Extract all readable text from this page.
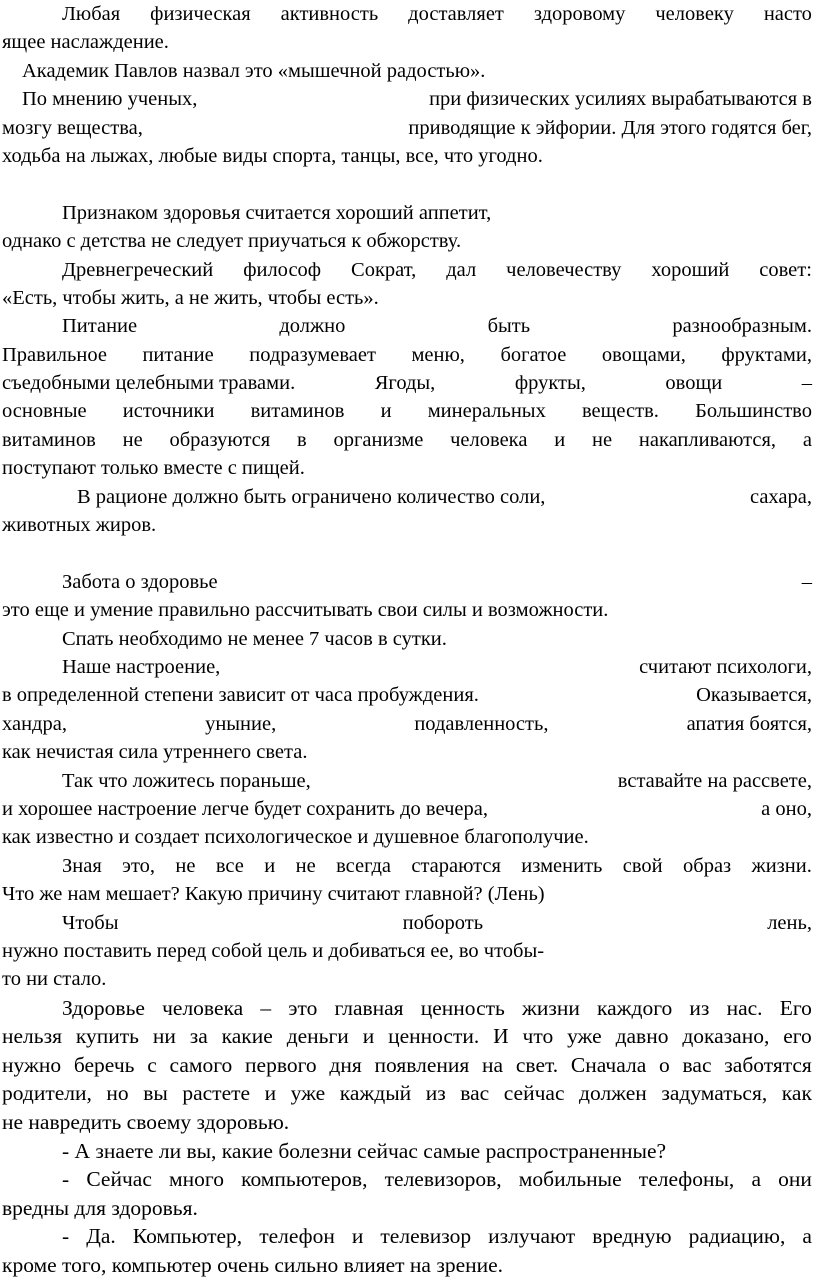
Любая физическая активность доставляет здоровому человеку насто
ящее наслаждение.
Академик Павлов назвал это «мышечной радостью».
По мнению ученых,	при физических усилиях вырабатываются в
мозгу вещества,	приводящие к эйфории. Для этого годятся бег,
ходьба на лыжах, любые виды спорта, танцы, все, что угодно.
Признаком здоровья считается хороший аппетит,
однако с детства не следует приучаться к обжорству.
Древнегреческий философ Сократ, дал человечеству хороший совет:
«Есть, чтобы жить, а не жить, чтобы есть».
Питание	должно	быть	разнообразным.
Правильное питание подразумевает меню, богатое овощами, фруктами,
съедобными целебными травами.	Ягоды,	фрукты,	овощи	–
основные источники витаминов и минеральных веществ. Большинство
витаминов не образуются в организме человека и не накапливаются, а
поступают только вместе с пищей.
В рационе должно быть ограничено количество соли,	сахара,
животных жиров.
Забота о здоровье	–
это еще и умение правильно рассчитывать свои силы и возможности.
Спать необходимо не менее 7 часов в сутки.
Наше настроение,	считают психологи,
в определенной степени зависит от часа пробуждения.	Оказывается,
хандра,	уныние,	подавленность,	апатия боятся,
как нечистая сила утреннего света.
Так что ложитесь пораньше,	вставайте на рассвете,
и хорошее настроение легче будет сохранить до вечера,	а оно,
как известно и создает психологическое и душевное благополучие.
Зная это, не все и не всегда стараются изменить свой образ жизни.
Что же нам мешает? Какую причину считают главной? (Лень)
Чтобы	побороть	лень,
нужно поставить перед собой цель и добиваться ее, во чтобы-
то ни стало.
Здоровье человека – это главная ценность жизни каждого из нас. Его
нельзя купить ни за какие деньги и ценности. И что уже давно доказано, его
нужно беречь с самого первого дня появления на свет. Сначала о вас заботятся
родители, но вы растете и уже каждый из вас сейчас должен задуматься, как
не навредить своему здоровью.
- А знаете ли вы, какие болезни сейчас самые распространенные?
- Сейчас много компьютеров, телевизоров, мобильные телефоны, а они
вредны для здоровья.
- Да. Компьютер, телефон и телевизор излучают вредную радиацию, а
кроме того, компьютер очень сильно влияет на зрение.
